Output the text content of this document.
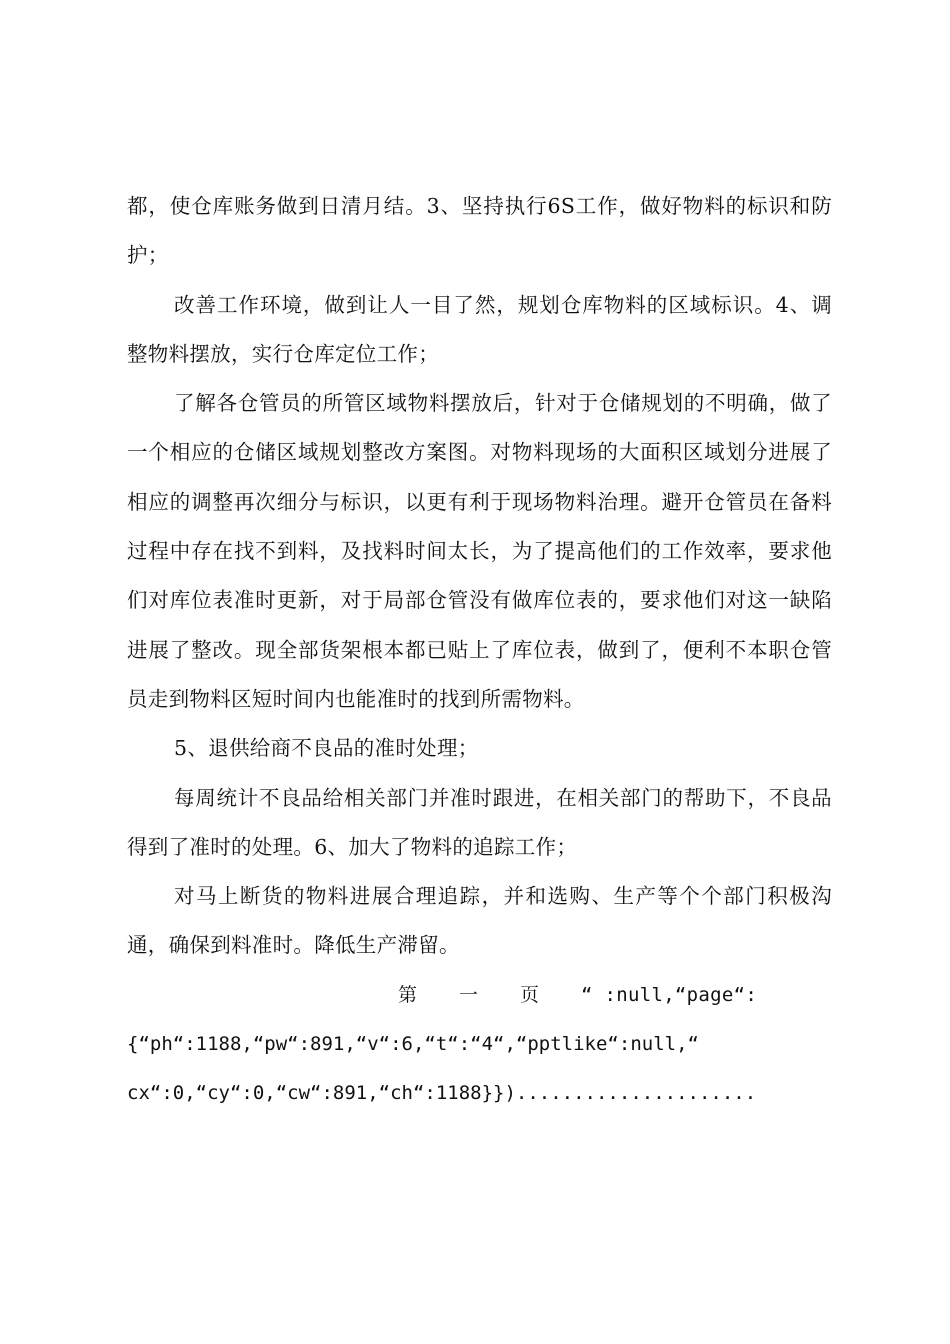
都，使仓库账务做到日清月结。3、坚持执行6S工作，做好物料的标识和防护；

改善工作环境，做到让人一目了然，规划仓库物料的区域标识。4、调整物料摆放，实行仓库定位工作；

了解各仓管员的所管区域物料摆放后，针对于仓储规划的不明确，做了一个相应的仓储区域规划整改方案图。对物料现场的大面积区域划分进展了相应的调整再次细分与标识，以更有利于现场物料治理。避开仓管员在备料过程中存在找不到料，及找料时间太长，为了提高他们的工作效率，要求他们对库位表准时更新，对于局部仓管没有做库位表的，要求他们对这一缺陷进展了整改。现全部货架根本都已贴上了库位表，做到了，便利不本职仓管员走到物料区短时间内也能准时的找到所需物料。

5、退供给商不良品的准时处理；

每周统计不良品给相关部门并准时跟进，在相关部门的帮助下，不良品得到了准时的处理。6、加大了物料的追踪工作；

对马上断货的物料进展合理追踪，并和选购、生产等个个部门积极沟通，确保到料准时。降低生产滞留。

第一页“ :null,“page“:

{“ph“:1188,“pw“:891,“v“:6,“t“:“4“,“pptlike“:null,“

cx“:0,“cy“:0,“cw“:891,“ch“:1188}}).....................
